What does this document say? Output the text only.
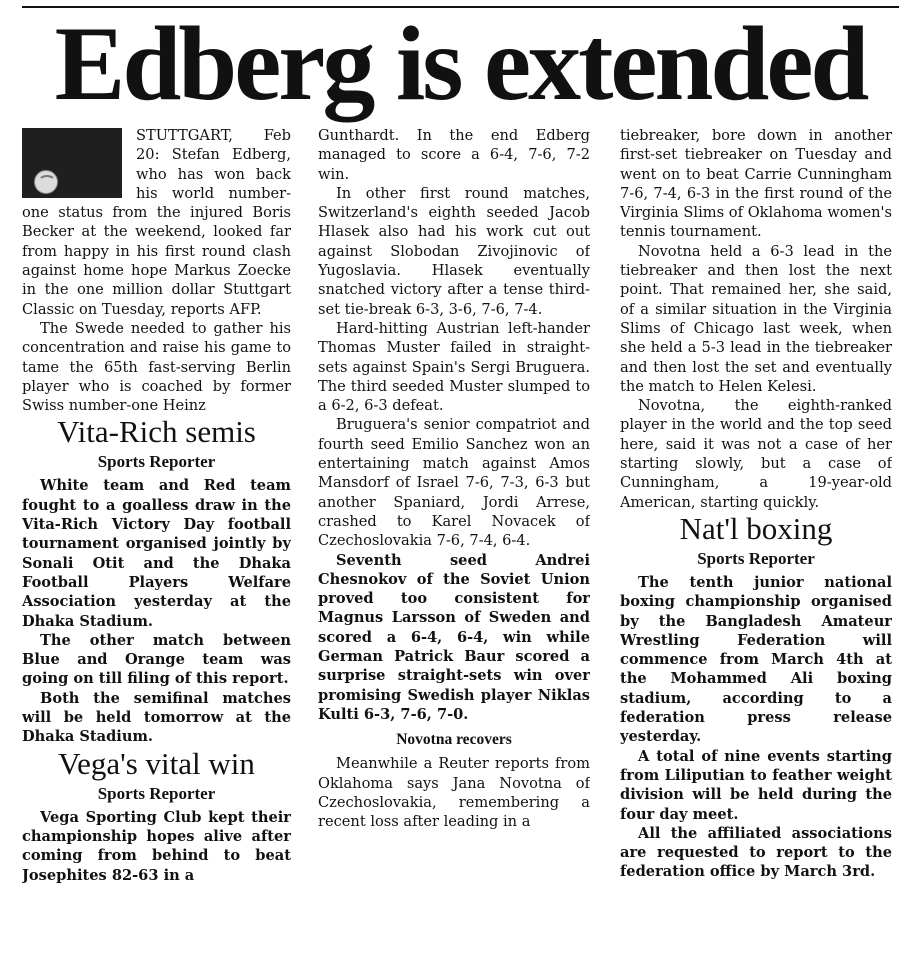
Edberg is extended

STUTTGART, Feb 20: Stefan Edberg, who has won back his world number-one status from the injured Boris Becker at the weekend, looked far from happy in his first round clash against home hope Markus Zoecke in the one million dollar Stuttgart Classic on Tuesday, reports AFP.

The Swede needed to gather his concentration and raise his game to tame the 65th fast-serving Berlin player who is coached by former Swiss number-one Heinz

Vita-Rich semis
Sports Reporter

White team and Red team fought to a goalless draw in the Vita-Rich Victory Day football tournament organised jointly by Sonali Otit and the Dhaka Football Players Welfare Association yesterday at the Dhaka Stadium.

The other match between Blue and Orange team was going on till filing of this report.

Both the semifinal matches will be held tomorrow at the Dhaka Stadium.

Vega's vital win
Sports Reporter

Vega Sporting Club kept their championship hopes alive after coming from behind to beat Josephites 82-63 in a

Gunthardt. In the end Edberg managed to score a 6-4, 7-6, 7-2 win.

In other first round matches, Switzerland's eighth seeded Jacob Hlasek also had his work cut out against Slobodan Zivojinovic of Yugoslavia. Hlasek eventually snatched victory after a tense third-set tie-break 6-3, 3-6, 7-6, 7-4.

Hard-hitting Austrian left-hander Thomas Muster failed in straight-sets against Spain's Sergi Bruguera. The third seeded Muster slumped to a 6-2, 6-3 defeat.

Bruguera's senior compatriot and fourth seed Emilio Sanchez won an entertaining match against Amos Mansdorf of Israel 7-6, 7-3, 6-3 but another Spaniard, Jordi Arrese, crashed to Karel Novacek of Czechoslovakia 7-6, 7-4, 6-4.

Seventh seed Andrei Chesnokov of the Soviet Union proved too consistent for Magnus Larsson of Sweden and scored a 6-4, 6-4, win while German Patrick Baur scored a surprise straight-sets win over promising Swedish player Niklas Kulti 6-3, 7-6, 7-0.

Novotna recovers

Meanwhile a Reuter reports from Oklahoma says Jana Novotna of Czechoslovakia, remembering a recent loss after leading in a

tiebreaker, bore down in another first-set tiebreaker on Tuesday and went on to beat Carrie Cunningham 7-6, 7-4, 6-3 in the first round of the Virginia Slims of Oklahoma women's tennis tournament.

Novotna held a 6-3 lead in the tiebreaker and then lost the next point. That remained her, she said, of a similar situation in the Virginia Slims of Chicago last week, when she held a 5-3 lead in the tiebreaker and then lost the set and eventually the match to Helen Kelesi.

Novotna, the eighth-ranked player in the world and the top seed here, said it was not a case of her starting slowly, but a case of Cunningham, a 19-year-old American, starting quickly.

Nat'l boxing
Sports Reporter

The tenth junior national boxing championship organised by the Bangladesh Amateur Wrestling Federation will commence from March 4th at the Mohammed Ali boxing stadium, according to a federation press release yesterday.

A total of nine events starting from Liliputian to feather weight division will be held during the four day meet.

All the affiliated associations are requested to report to the federation office by March 3rd.
